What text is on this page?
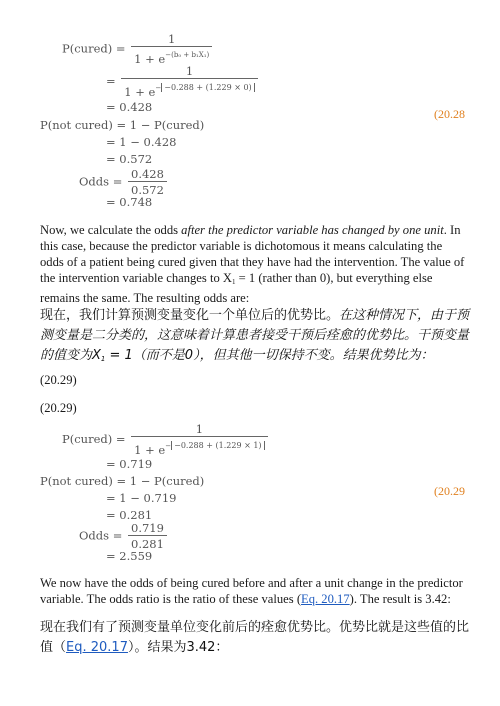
P(cured) = $\frac{1}{1 + e^{-(b_0 + b_1X_1)}}$
= $\frac{1}{1 + e^- ^{-0.288 + (1.229 \times 0)}}$
= 0.428	(20.28
P(not cured) = 1 − P(cured)
= 1 − 0.428
= 0.572
Odds = $\frac{0.428}{0.572}$
= 0.748

Now, we calculate the odds after the predictor variable has changed by one unit. In this case, because the predictor variable is dichotomous it means calculating the odds of a patient being cured given that they have had the intervention. The value of the intervention variable changes to $X_1 = 1$ (rather than 0), but everything else remains the same. The resulting odds are:

现在，我们计算预测变量变化一个单位后的优势比。在这种情况下，由于预测变量是二分类的，这意味着计算患者接受干预后痊愈的优势比。干预变量的值变为$X_1 = 1$（而不是0），但其他一切保持不变。结果优势比为：

(20.29)
(20.29)
P(cured) = $\frac{1}{1 + e^- ^{-0.288 + (1.229 \times 1)}}$
= 0.719
P(not cured) = 1 − P(cured)
(20.29
= 1 − 0.719
= 0.281
Odds = $\frac{0.719}{0.281}$
= 2.559

We now have the odds of being cured before and after a unit change in the predictor variable. The odds ratio is the ratio of these values (Eq. 20.17). The result is 3.42:

现在我们有了预测变量单位变化前后的痊愈优势比。优势比就是这些值的比值（Eq. 20.17）。结果为3.42：
